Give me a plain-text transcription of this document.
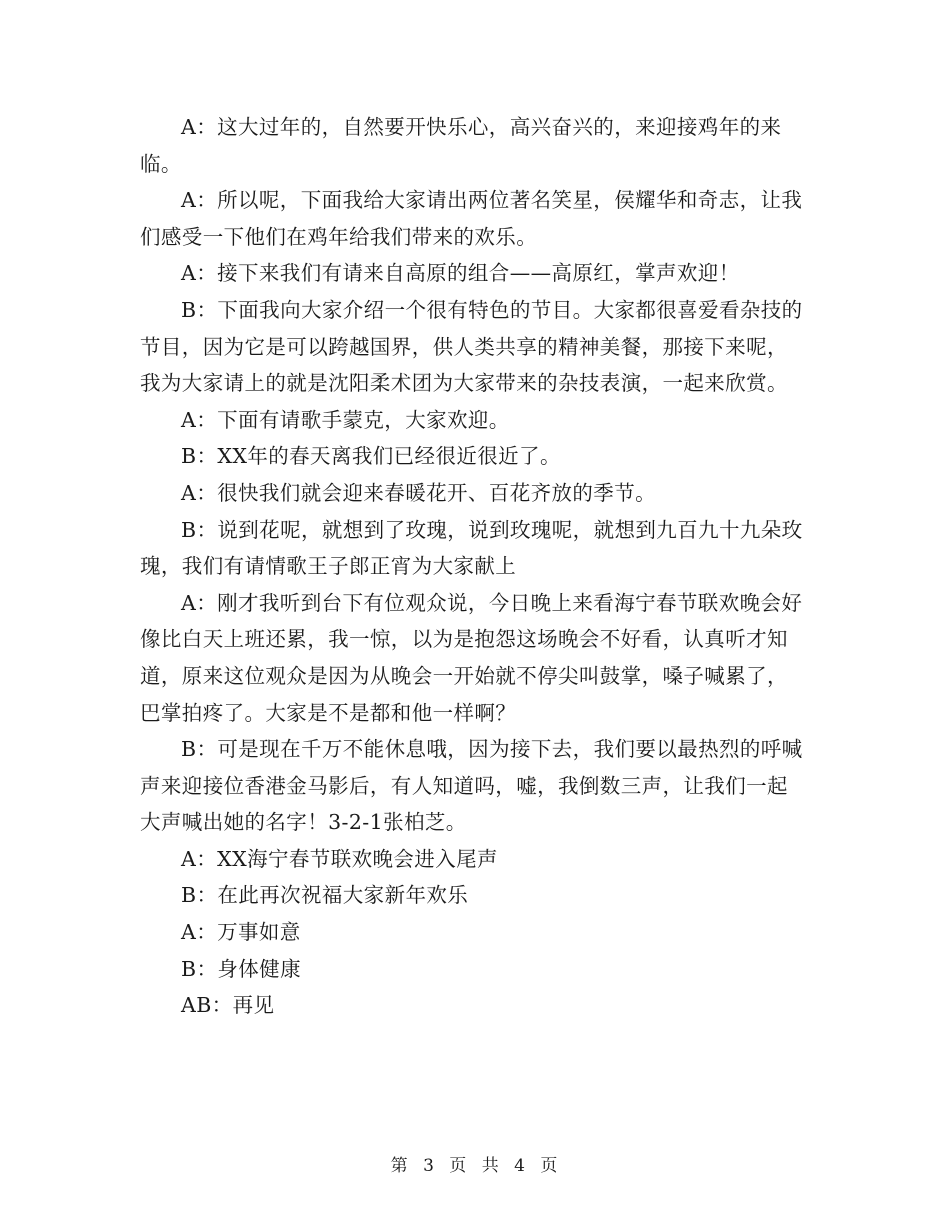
A：这大过年的，自然要开快乐心，高兴奋兴的，来迎接鸡年的来临。

A：所以呢，下面我给大家请出两位著名笑星，侯耀华和奇志，让我们感受一下他们在鸡年给我们带来的欢乐。

A：接下来我们有请来自高原的组合——高原红，掌声欢迎！

B：下面我向大家介绍一个很有特色的节目。大家都很喜爱看杂技的节目，因为它是可以跨越国界，供人类共享的精神美餐，那接下来呢，我为大家请上的就是沈阳柔术团为大家带来的杂技表演，一起来欣赏。

A：下面有请歌手蒙克，大家欢迎。

B：XX年的春天离我们已经很近很近了。

A：很快我们就会迎来春暖花开、百花齐放的季节。

B：说到花呢，就想到了玫瑰，说到玫瑰呢，就想到九百九十九朵玫瑰，我们有请情歌王子郎正宵为大家献上

A：刚才我听到台下有位观众说，今日晚上来看海宁春节联欢晚会好像比白天上班还累，我一惊，以为是抱怨这场晚会不好看，认真听才知道，原来这位观众是因为从晚会一开始就不停尖叫鼓掌，嗓子喊累了，巴掌拍疼了。大家是不是都和他一样啊？

B：可是现在千万不能休息哦，因为接下去，我们要以最热烈的呼喊声来迎接位香港金马影后，有人知道吗，嘘，我倒数三声，让我们一起大声喊出她的名字！3-2-1张柏芝。

A：XX海宁春节联欢晚会进入尾声

B：在此再次祝福大家新年欢乐

A：万事如意

B：身体健康

AB：再见

第 3 页 共 4 页
